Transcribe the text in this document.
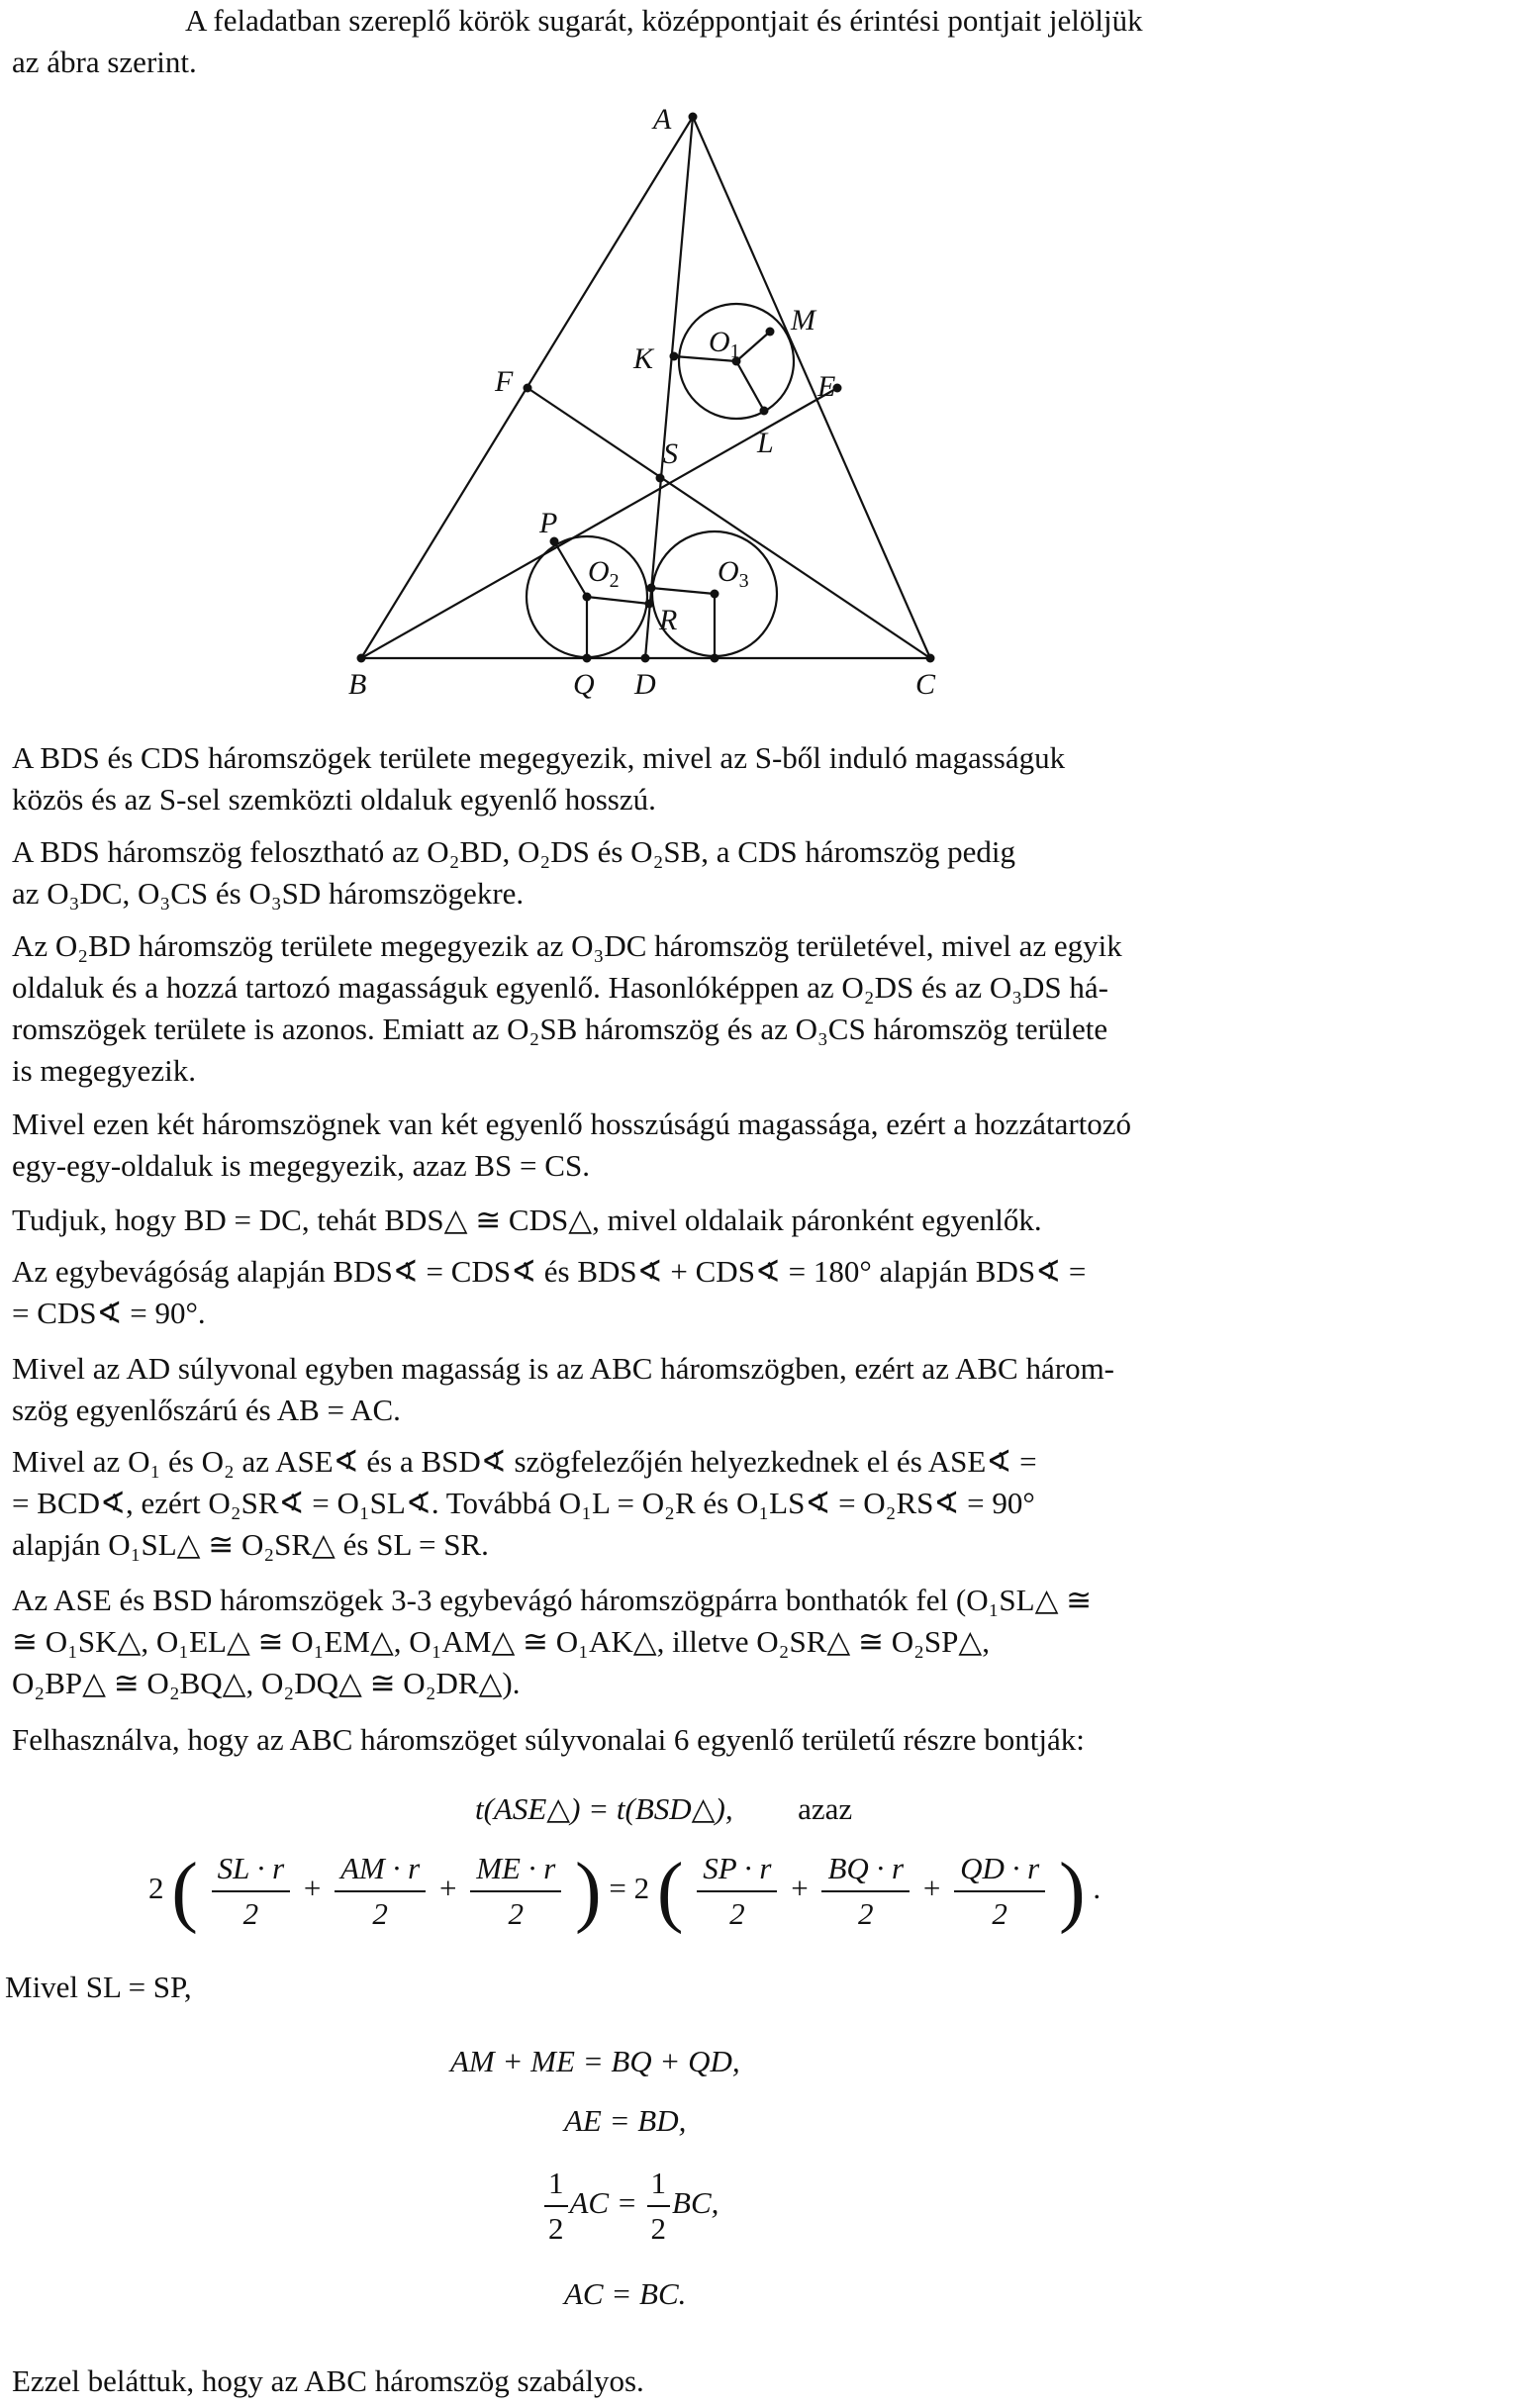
A feladatban szereplő körök sugarát, középpontjait és érintési pontjait jelöljük
az ábra szerint.
A
B	C
D
Q
F	E
K
M
L
S
P
R
$O_1$
$O_2$	$O_3$
A BDS és CDS háromszögek területe megegyezik, mivel az S-ből induló magasságuk
közös és az S-sel szemközti oldaluk egyenlő hosszú.
A BDS háromszög felosztható az O₂BD, O₂DS és O₂SB, a CDS háromszög pedig
az O₃DC, O₃CS és O₃SD háromszögekre.
Az O₂BD háromszög területe megegyezik az O₃DC háromszög területével, mivel az egyik
oldaluk és a hozzá tartozó magasságuk egyenlő. Hasonlóképpen az O₂DS és az O₃DS há-
romszögek területe is azonos. Emiatt az O₂SB háromszög és az O₃CS háromszög területe
is megegyezik.
Mivel ezen két háromszögnek van két egyenlő hosszúságú magassága, ezért a hozzátartozó
egy-egy-oldaluk is megegyezik, azaz BS = CS.
Tudjuk, hogy BD = DC, tehát BDS△ ≅ CDS△, mivel oldalaik páronként egyenlők.
Az egybevágóság alapján BDS∢ = CDS∢ és BDS∢ + CDS∢ = 180° alapján BDS∢ =
= CDS∢ = 90°.
Mivel az AD súlyvonal egyben magasság is az ABC háromszögben, ezért az ABC három-
szög egyenlőszárú és AB = AC.
Mivel az O₁ és O₂ az ASE∢ és a BSD∢ szögfelezőjén helyezkednek el és ASE∢ =
= BCD∢, ezért O₂SR∢ = O₁SL∢. Továbbá O₁L = O₂R és O₁LS∢ = O₂RS∢ = 90°
alapján O₁SL△ ≅ O₂SR△ és SL = SR.
Az ASE és BSD háromszögek 3-3 egybevágó háromszögpárra bonthatók fel (O₁SL△ ≅
≅ O₁SK△, O₁EL△ ≅ O₁EM△, O₁AM△ ≅ O₁AK△, illetve O₂SR△ ≅ O₂SP△,
O₂BP△ ≅ O₂BQ△, O₂DQ△ ≅ O₂DR△).
Felhasználva, hogy az ABC háromszöget súlyvonalai 6 egyenlő területű részre bontják:
t(ASE△) = t(BSD△), azaz
2 ( $\frac{SL \cdot r}{2} + \frac{AM \cdot r}{2} + \frac{ME \cdot r}{2}$ ) = 2 ( $\frac{SP \cdot r}{2} + \frac{BQ \cdot r}{2} + \frac{QD \cdot r}{2}$ ) .
Mivel SL = SP,
AM + ME = BQ + QD,
AE = BD,
$\frac{1}{2}$ AC = $\frac{1}{2}$ BC,
AC = BC.
Ezzel beláttuk, hogy az ABC háromszög szabályos.
